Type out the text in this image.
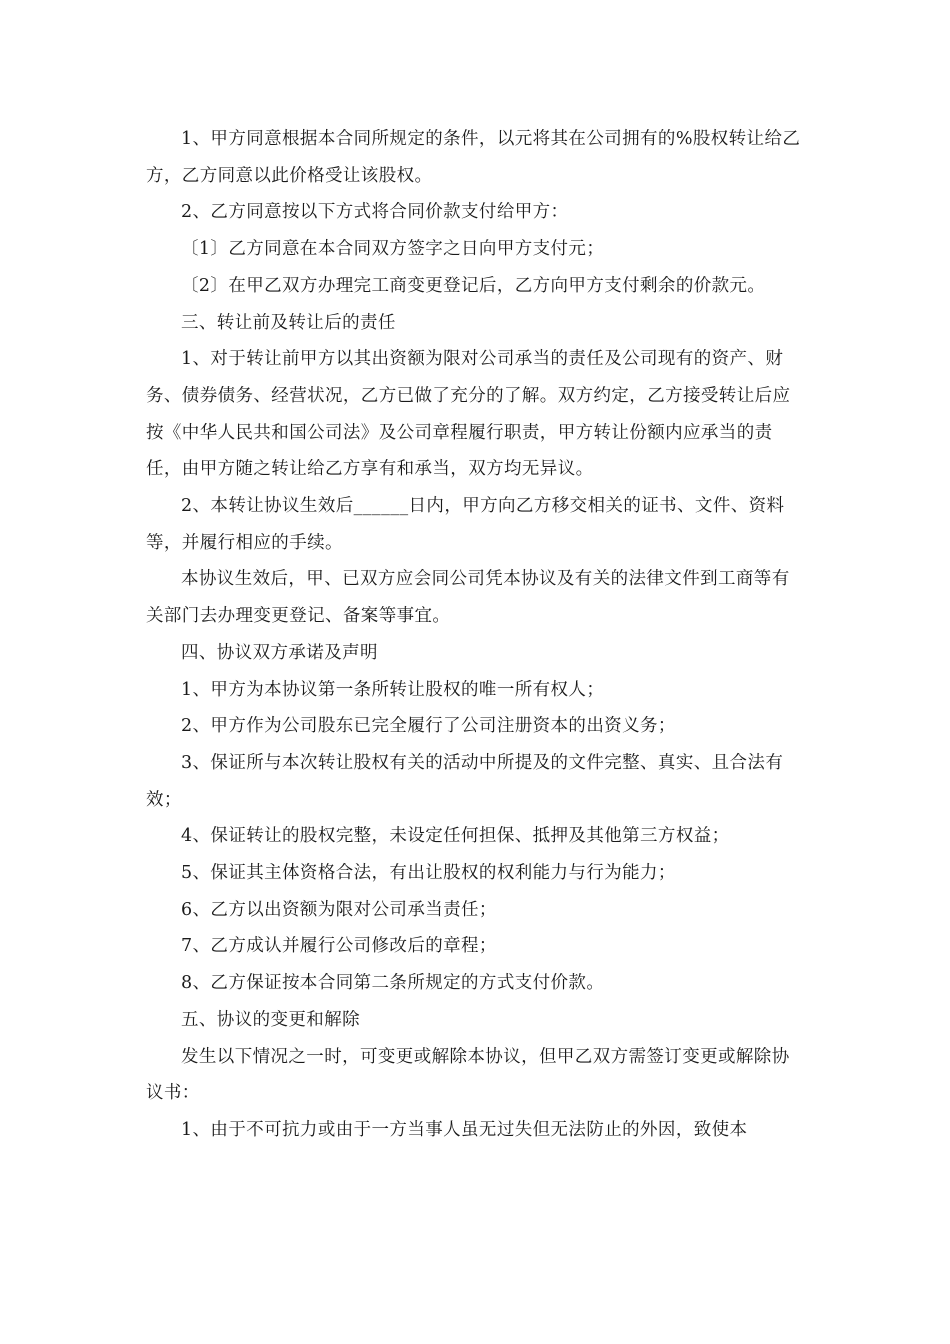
1、甲方同意根据本合同所规定的条件，以元将其在公司拥有的%股权转让给乙方，乙方同意以此价格受让该股权。

2、乙方同意按以下方式将合同价款支付给甲方：

〔1〕乙方同意在本合同双方签字之日向甲方支付元；

〔2〕在甲乙双方办理完工商变更登记后，乙方向甲方支付剩余的价款元。

三、转让前及转让后的责任

1、对于转让前甲方以其出资额为限对公司承当的责任及公司现有的资产、财务、债券债务、经营状况，乙方已做了充分的了解。双方约定，乙方接受转让后应按《中华人民共和国公司法》及公司章程履行职责，甲方转让份额内应承当的责任，由甲方随之转让给乙方享有和承当，双方均无异议。

2、本转让协议生效后______日内，甲方向乙方移交相关的证书、文件、资料等，并履行相应的手续。

本协议生效后，甲、已双方应会同公司凭本协议及有关的法律文件到工商等有关部门去办理变更登记、备案等事宜。

四、协议双方承诺及声明

1、甲方为本协议第一条所转让股权的唯一所有权人；

2、甲方作为公司股东已完全履行了公司注册资本的出资义务；

3、保证所与本次转让股权有关的活动中所提及的文件完整、真实、且合法有效；

4、保证转让的股权完整，未设定任何担保、抵押及其他第三方权益；

5、保证其主体资格合法，有出让股权的权利能力与行为能力；

6、乙方以出资额为限对公司承当责任；

7、乙方成认并履行公司修改后的章程；

8、乙方保证按本合同第二条所规定的方式支付价款。

五、协议的变更和解除

发生以下情况之一时，可变更或解除本协议，但甲乙双方需签订变更或解除协议书：

1、由于不可抗力或由于一方当事人虽无过失但无法防止的外因，致使本
